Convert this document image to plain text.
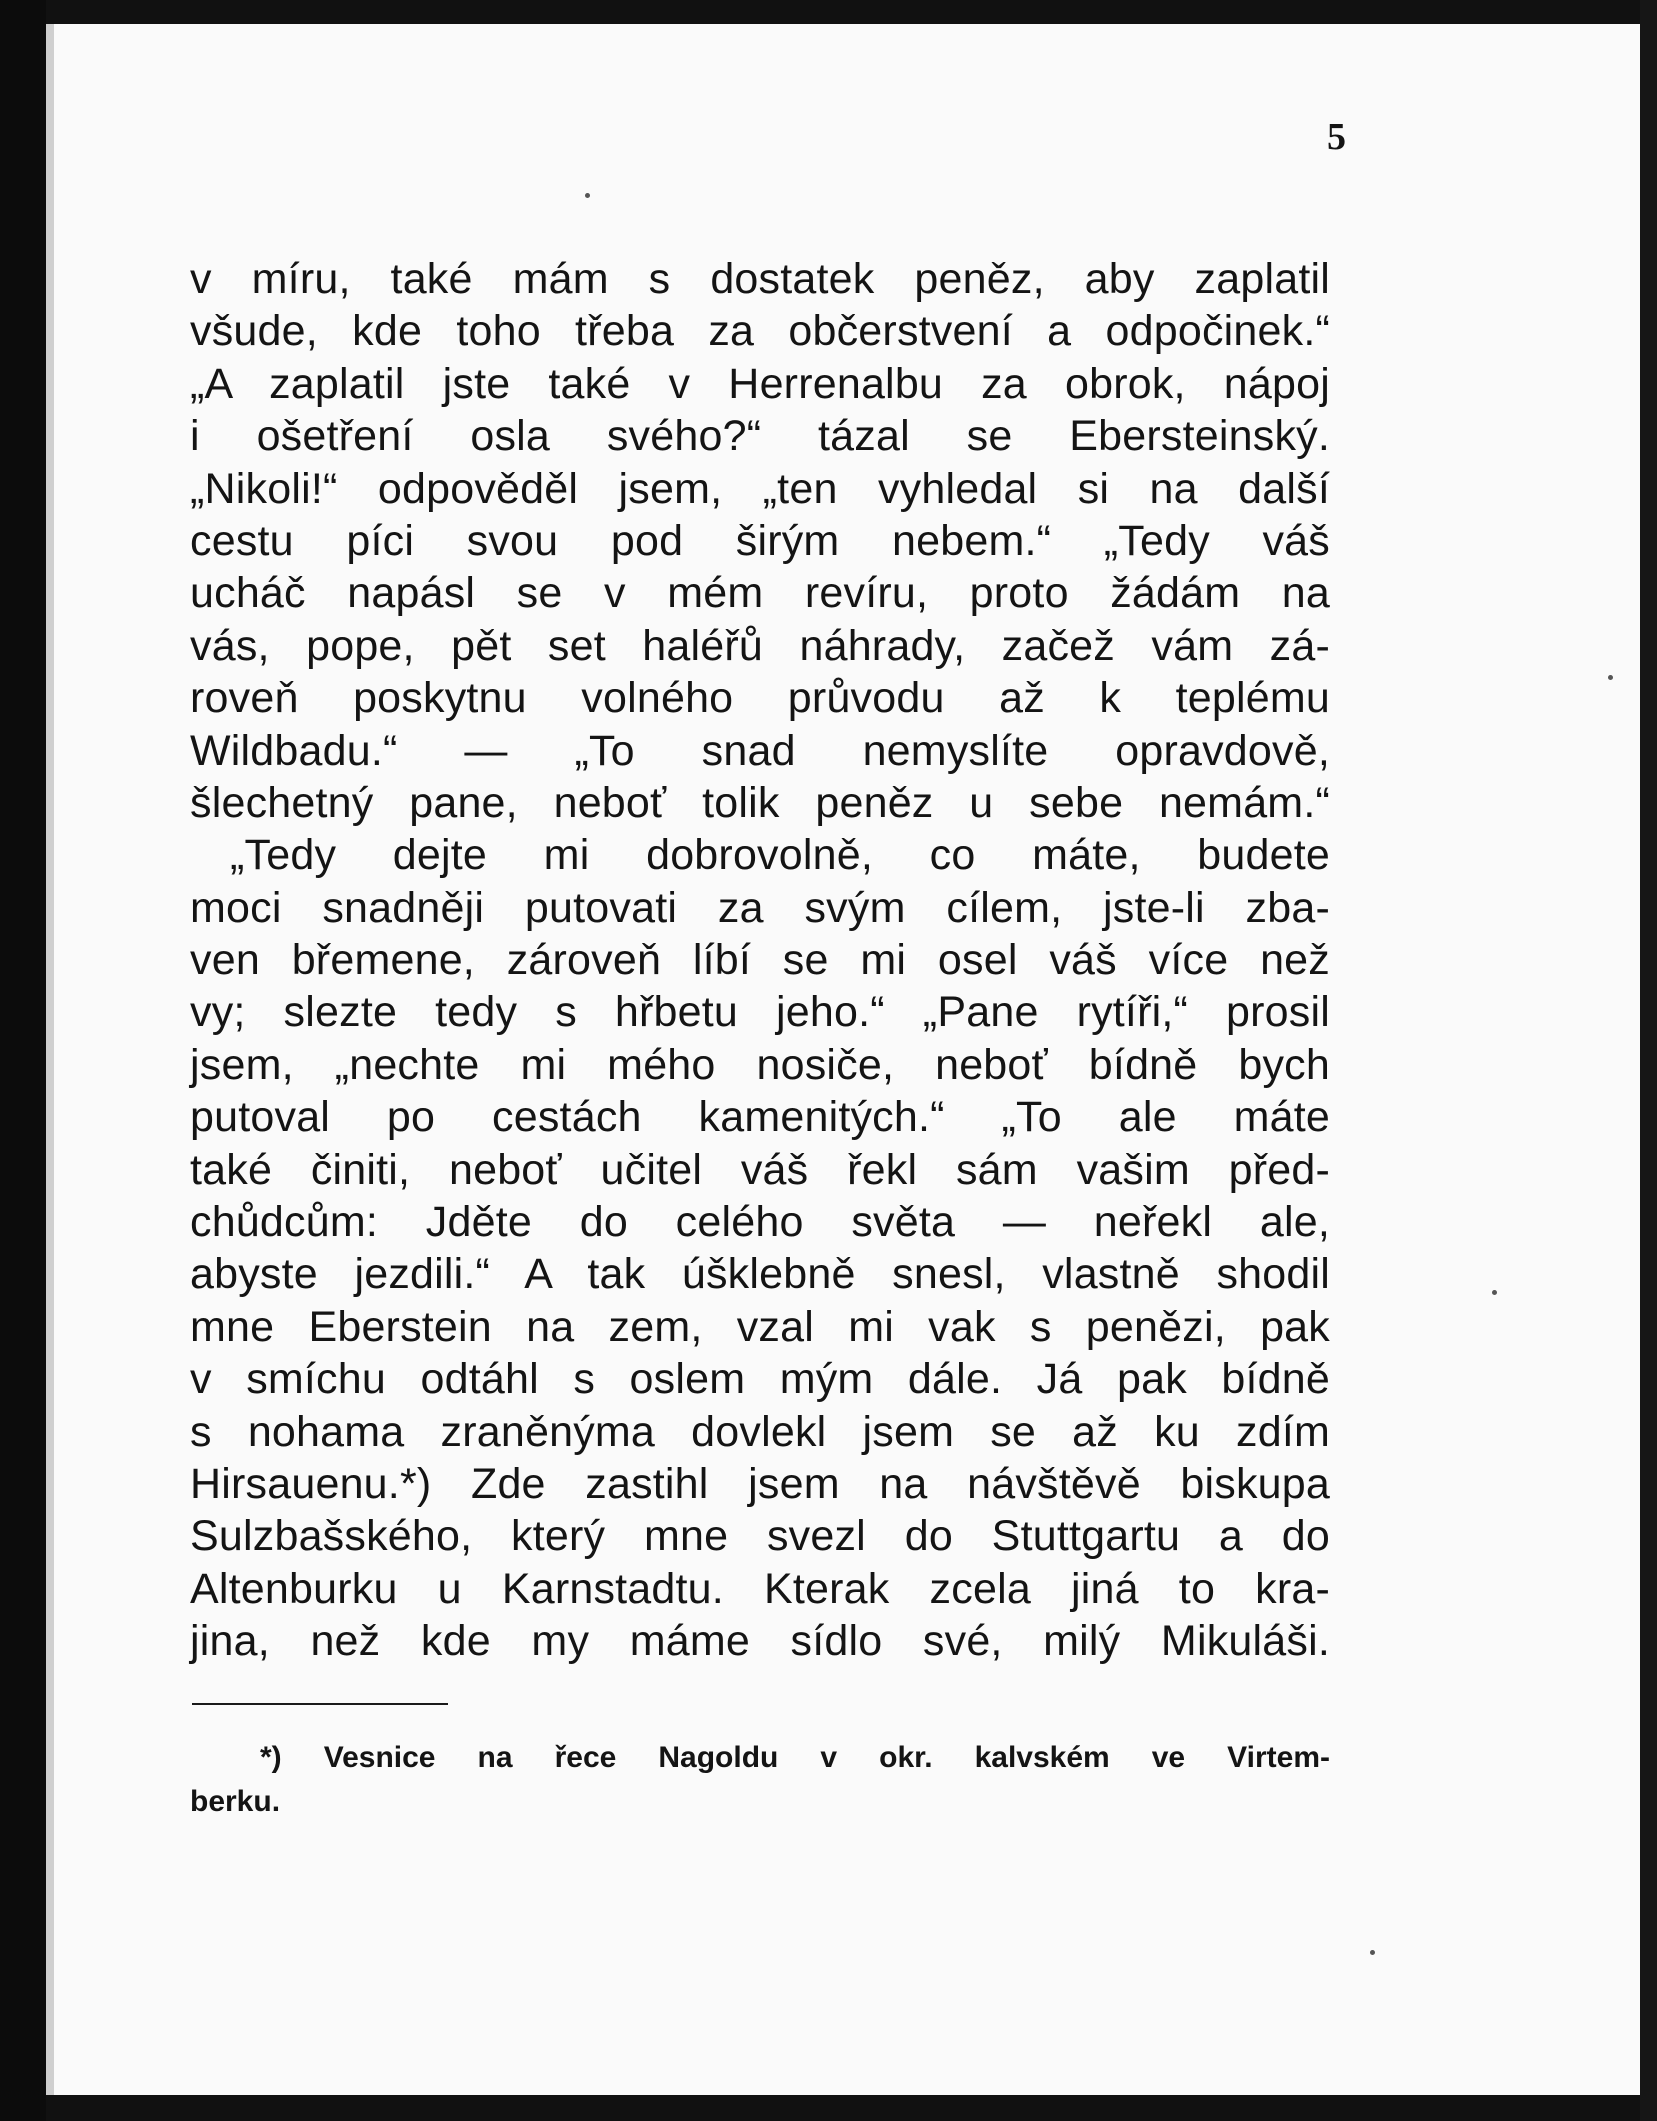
5
v míru, také mám s dostatek peněz, aby zaplatil
všude, kde toho třeba za občerstvení a odpočinek.“
„A zaplatil jste také v Herrenalbu za obrok, nápoj
i ošetření osla svého?“ tázal se Ebersteinský.
„Nikoli!“ odpověděl jsem, „ten vyhledal si na další
cestu píci svou pod širým nebem.“ „Tedy váš
ucháč napásl se v mém revíru, proto žádám na
vás, pope, pět set haléřů náhrady, začež vám zá-
roveň poskytnu volného průvodu až k teplému
Wildbadu.“ — „To snad nemyslíte opravdově,
šlechetný pane, neboť tolik peněz u sebe nemám.“
„Tedy dejte mi dobrovolně, co máte, budete
moci snadněji putovati za svým cílem, jste-li zba-
ven břemene, zároveň líbí se mi osel váš více než
vy; slezte tedy s hřbetu jeho.“ „Pane rytíři,“ prosil
jsem, „nechte mi mého nosiče, neboť bídně bych
putoval po cestách kamenitých.“ „To ale máte
také činiti, neboť učitel váš řekl sám vašim před-
chůdcům: Jděte do celého světa — neřekl ale,
abyste jezdili.“ A tak úšklebně snesl, vlastně shodil
mne Eberstein na zem, vzal mi vak s penězi, pak
v smíchu odtáhl s oslem mým dále. Já pak bídně
s nohama zraněnýma dovlekl jsem se až ku zdím
Hirsauenu.*) Zde zastihl jsem na návštěvě biskupa
Sulzbašského, který mne svezl do Stuttgartu a do
Altenburku u Karnstadtu. Kterak zcela jiná to kra-
jina, než kde my máme sídlo své, milý Mikuláši.
*) Vesnice na řece Nagoldu v okr. kalvském ve Virtem-
berku.
